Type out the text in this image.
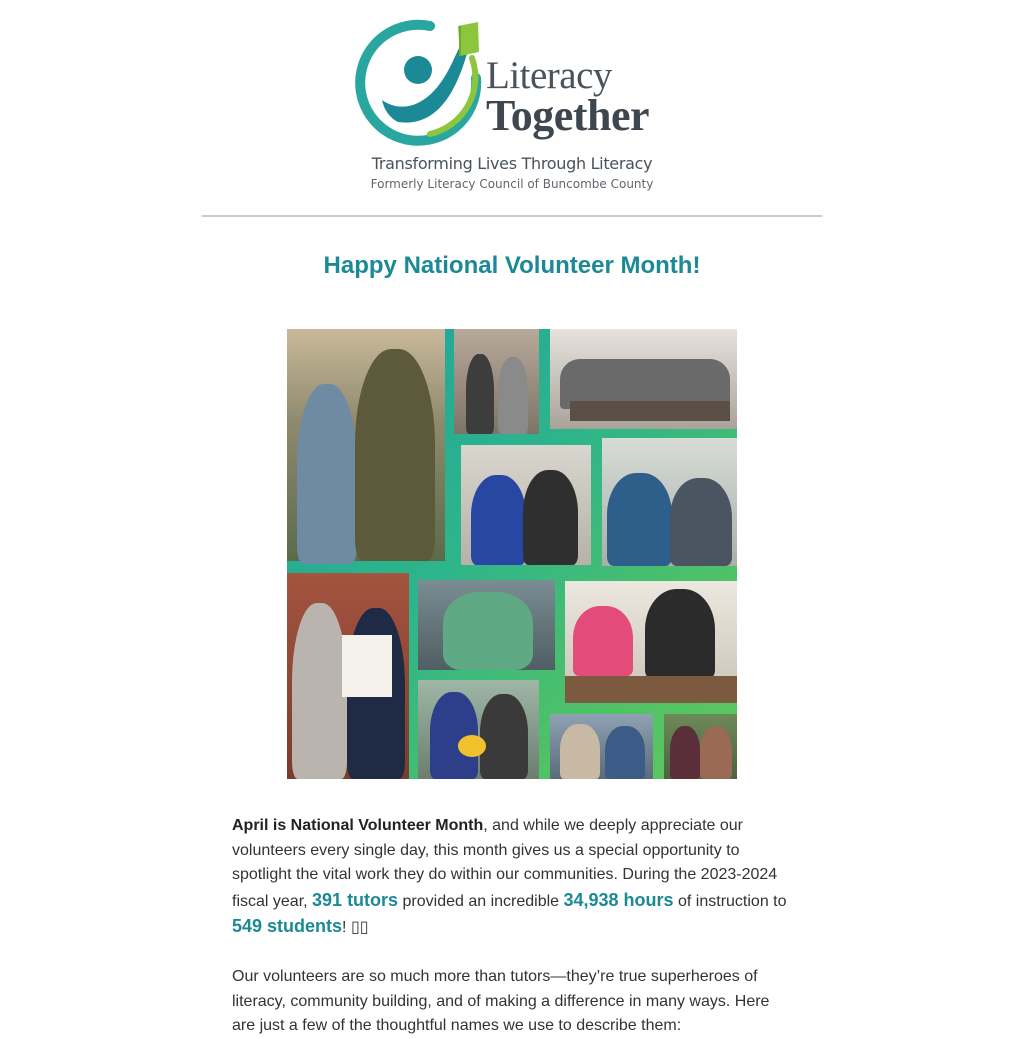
Literacy
Together
Transforming Lives Through Literacy
Formerly Literacy Council of Buncombe County
Happy National Volunteer Month!
April is National Volunteer Month, and while we deeply appreciate our volunteers every single day, this month gives us a special opportunity to spotlight the vital work they do within our communities. During the 2023-2024 fiscal year, 391 tutors provided an incredible 34,938 hours of instruction to 549 students! ▯▯
Our volunteers are so much more than tutors—they’re true superheroes of literacy, community building, and of making a difference in many ways. Here are just a few of the thoughtful names we use to describe them:
